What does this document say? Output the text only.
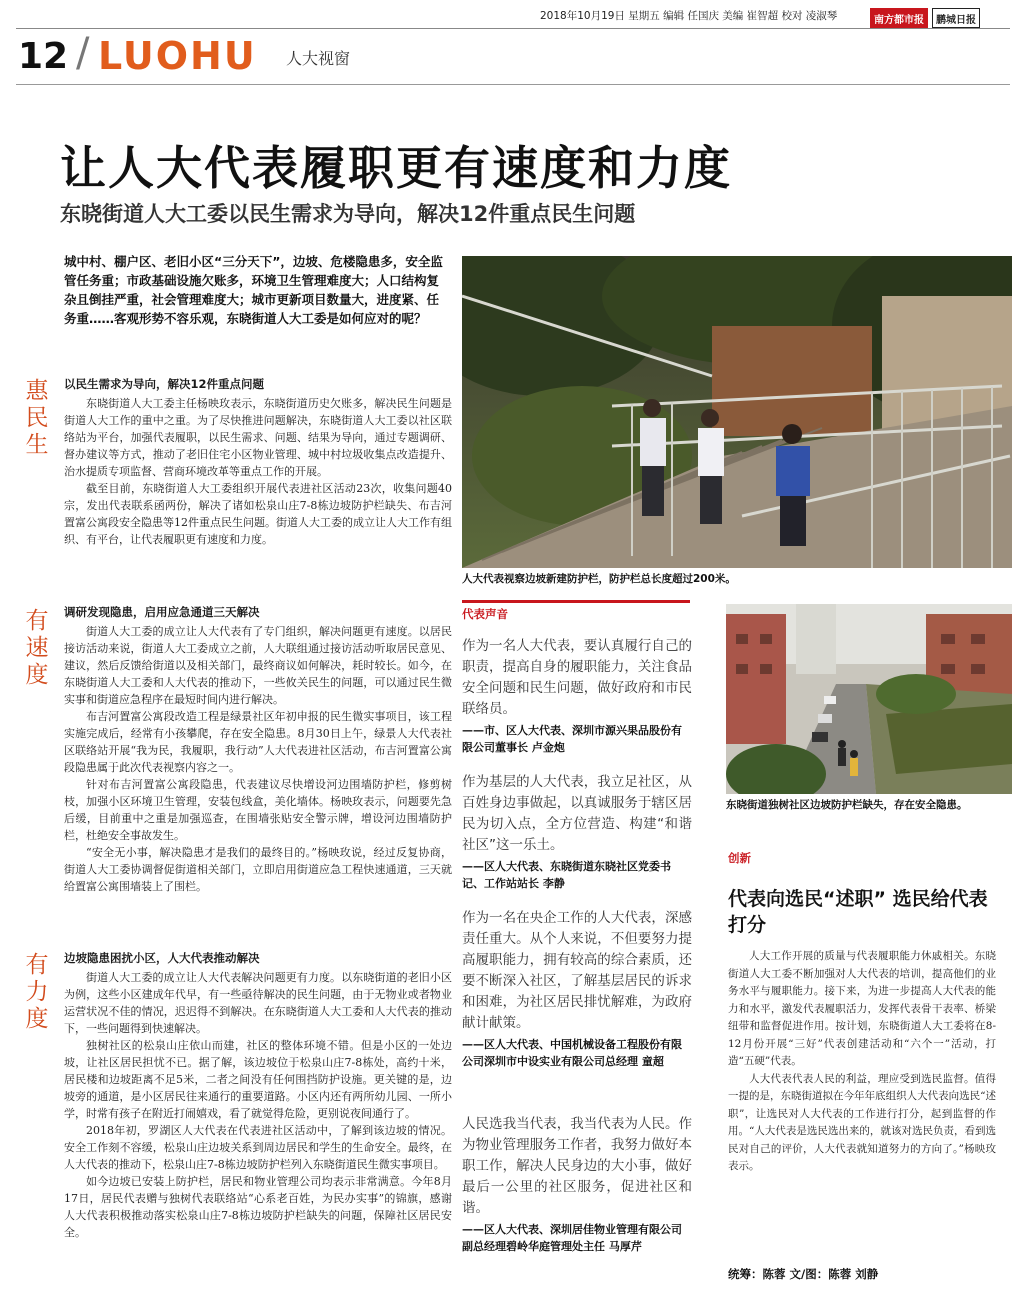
2018年10月19日 星期五 编辑 任国庆 美编 崔智超 校对 凌淑琴	南方都市报	鹏城日报
12 / LUOHU 人大视窗
让人大代表履职更有速度和力度
东晓街道人大工委以民生需求为导向，解决12件重点民生问题
城中村、棚户区、老旧小区“三分天下”，边坡、危楼隐患多，安全监管任务重；市政基础设施欠账多，环境卫生管理难度大；人口结构复杂且倒挂严重，社会管理难度大；城市更新项目数量大，进度紧、任务重……客观形势不容乐观，东晓街道人大工委是如何应对的呢？
惠民生
以民生需求为导向，解决12件重点问题

东晓街道人大工委主任杨映玫表示，东晓街道历史欠账多，解决民生问题是街道人大工作的重中之重。为了尽快推进问题解决，东晓街道人大工委以社区联络站为平台，加强代表履职，以民生需求、问题、结果为导向，通过专题调研、督办建议等方式，推动了老旧住宅小区物业管理、城中村垃圾收集点改造提升、治水提质专项监督、营商环境改革等重点工作的开展。

截至目前，东晓街道人大工委组织开展代表进社区活动23次，收集问题40宗，发出代表联系函两份，解决了诸如松泉山庄7-8栋边坡防护栏缺失、布吉河置富公寓段安全隐患等12件重点民生问题。街道人大工委的成立让人大工作有组织、有平台，让代表履职更有速度和力度。

有速度
调研发现隐患，启用应急通道三天解决

街道人大工委的成立让人大代表有了专门组织，解决问题更有速度。以居民接访活动来说，街道人大工委成立之前，人大联组通过接访活动听取居民意见、建议，然后反馈给街道以及相关部门，最终商议如何解决，耗时较长。如今，在东晓街道人大工委和人大代表的推动下，一些攸关民生的问题，可以通过民生微实事和街道应急程序在最短时间内进行解决。

布吉河置富公寓段改造工程是绿景社区年初申报的民生微实事项目，该工程实施完成后，经常有小孩攀爬，存在安全隐患。8月30日上午，绿景人大代表社区联络站开展“我为民，我履职，我行动”人大代表进社区活动，布吉河置富公寓段隐患属于此次代表视察内容之一。

针对布吉河置富公寓段隐患，代表建议尽快增设河边围墙防护栏，修剪树枝，加强小区环境卫生管理，安装包线盒，美化墙体。杨映玫表示，问题要先急后缓，目前重中之重是加强巡查，在围墙张贴安全警示牌，增设河边围墙防护栏，杜绝安全事故发生。

“安全无小事，解决隐患才是我们的最终目的。”杨映玫说，经过反复协商，街道人大工委协调督促街道相关部门，立即启用街道应急工程快速通道，三天就给置富公寓围墙装上了围栏。

有力度
边坡隐患困扰小区，人大代表推动解决

街道人大工委的成立让人大代表解决问题更有力度。以东晓街道的老旧小区为例，这些小区建成年代早，有一些亟待解决的民生问题，由于无物业或者物业运营状况不佳的情况，迟迟得不到解决。在东晓街道人大工委和人大代表的推动下，一些问题得到快速解决。

独树社区的松泉山庄依山而建，社区的整体环境不错。但是小区的一处边坡，让社区居民担忧不已。据了解，该边坡位于松泉山庄7-8栋处，高约十米，居民楼和边坡距离不足5米，二者之间没有任何围挡防护设施。更关键的是，边坡旁的通道，是小区居民往来通行的重要道路。小区内还有两所幼儿园、一所小学，时常有孩子在附近打闹嬉戏，看了就觉得危险，更别说夜间通行了。

2018年初，罗湖区人大代表在代表进社区活动中，了解到该边坡的情况。安全工作刻不容缓，松泉山庄边坡关系到周边居民和学生的生命安全。最终，在人大代表的推动下，松泉山庄7-8栋边坡防护栏列入东晓街道民生微实事项目。

如今边坡已安装上防护栏，居民和物业管理公司均表示非常满意。今年8月17日，居民代表赠与独树代表联络站“心系老百姓，为民办实事”的锦旗，感谢人大代表积极推动落实松泉山庄7-8栋边坡防护栏缺失的问题，保障社区居民安全。

人大代表视察边坡新建防护栏，防护栏总长度超过200米。
代表声音
作为一名人大代表，要认真履行自己的职责，提高自身的履职能力，关注食品安全问题和民生问题，做好政府和市民联络员。
——市、区人大代表、深圳市源兴果品股份有限公司董事长 卢金炮
作为基层的人大代表，我立足社区，从百姓身边事做起，以真诚服务于辖区居民为切入点，全方位营造、构建“和谐社区”这一乐土。
——区人大代表、东晓街道东晓社区党委书记、工作站站长 李静
作为一名在央企工作的人大代表，深感责任重大。从个人来说，不但要努力提高履职能力，拥有较高的综合素质，还要不断深入社区，了解基层居民的诉求和困难，为社区居民排忧解难，为政府献计献策。
——区人大代表、中国机械设备工程股份有限公司深圳市中设实业有限公司总经理 童超
人民选我当代表，我当代表为人民。作为物业管理服务工作者，我努力做好本职工作，解决人民身边的大小事，做好最后一公里的社区服务，促进社区和谐。
——区人大代表、深圳居佳物业管理有限公司副总经理碧岭华庭管理处主任 马厚芹
东晓街道独树社区边坡防护栏缺失，存在安全隐患。
创新
代表向选民“述职” 选民给代表打分

人大工作开展的质量与代表履职能力休戚相关。东晓街道人大工委不断加强对人大代表的培训，提高他们的业务水平与履职能力。接下来，为进一步提高人大代表的能力和水平，激发代表履职活力，发挥代表骨干表率、桥梁纽带和监督促进作用。按计划，东晓街道人大工委将在8-12月份开展“三好”代表创建活动和“六个一”活动，打造“五硬”代表。

人大代表代表人民的利益，理应受到选民监督。值得一提的是，东晓街道拟在今年年底组织人大代表向选民“述职”，让选民对人大代表的工作进行打分，起到监督的作用。“人大代表是选民选出来的，就该对选民负责，看到选民对自己的评价，人大代表就知道努力的方向了。”杨映玫表示。

统筹：陈蓉 文/图：陈蓉 刘静
